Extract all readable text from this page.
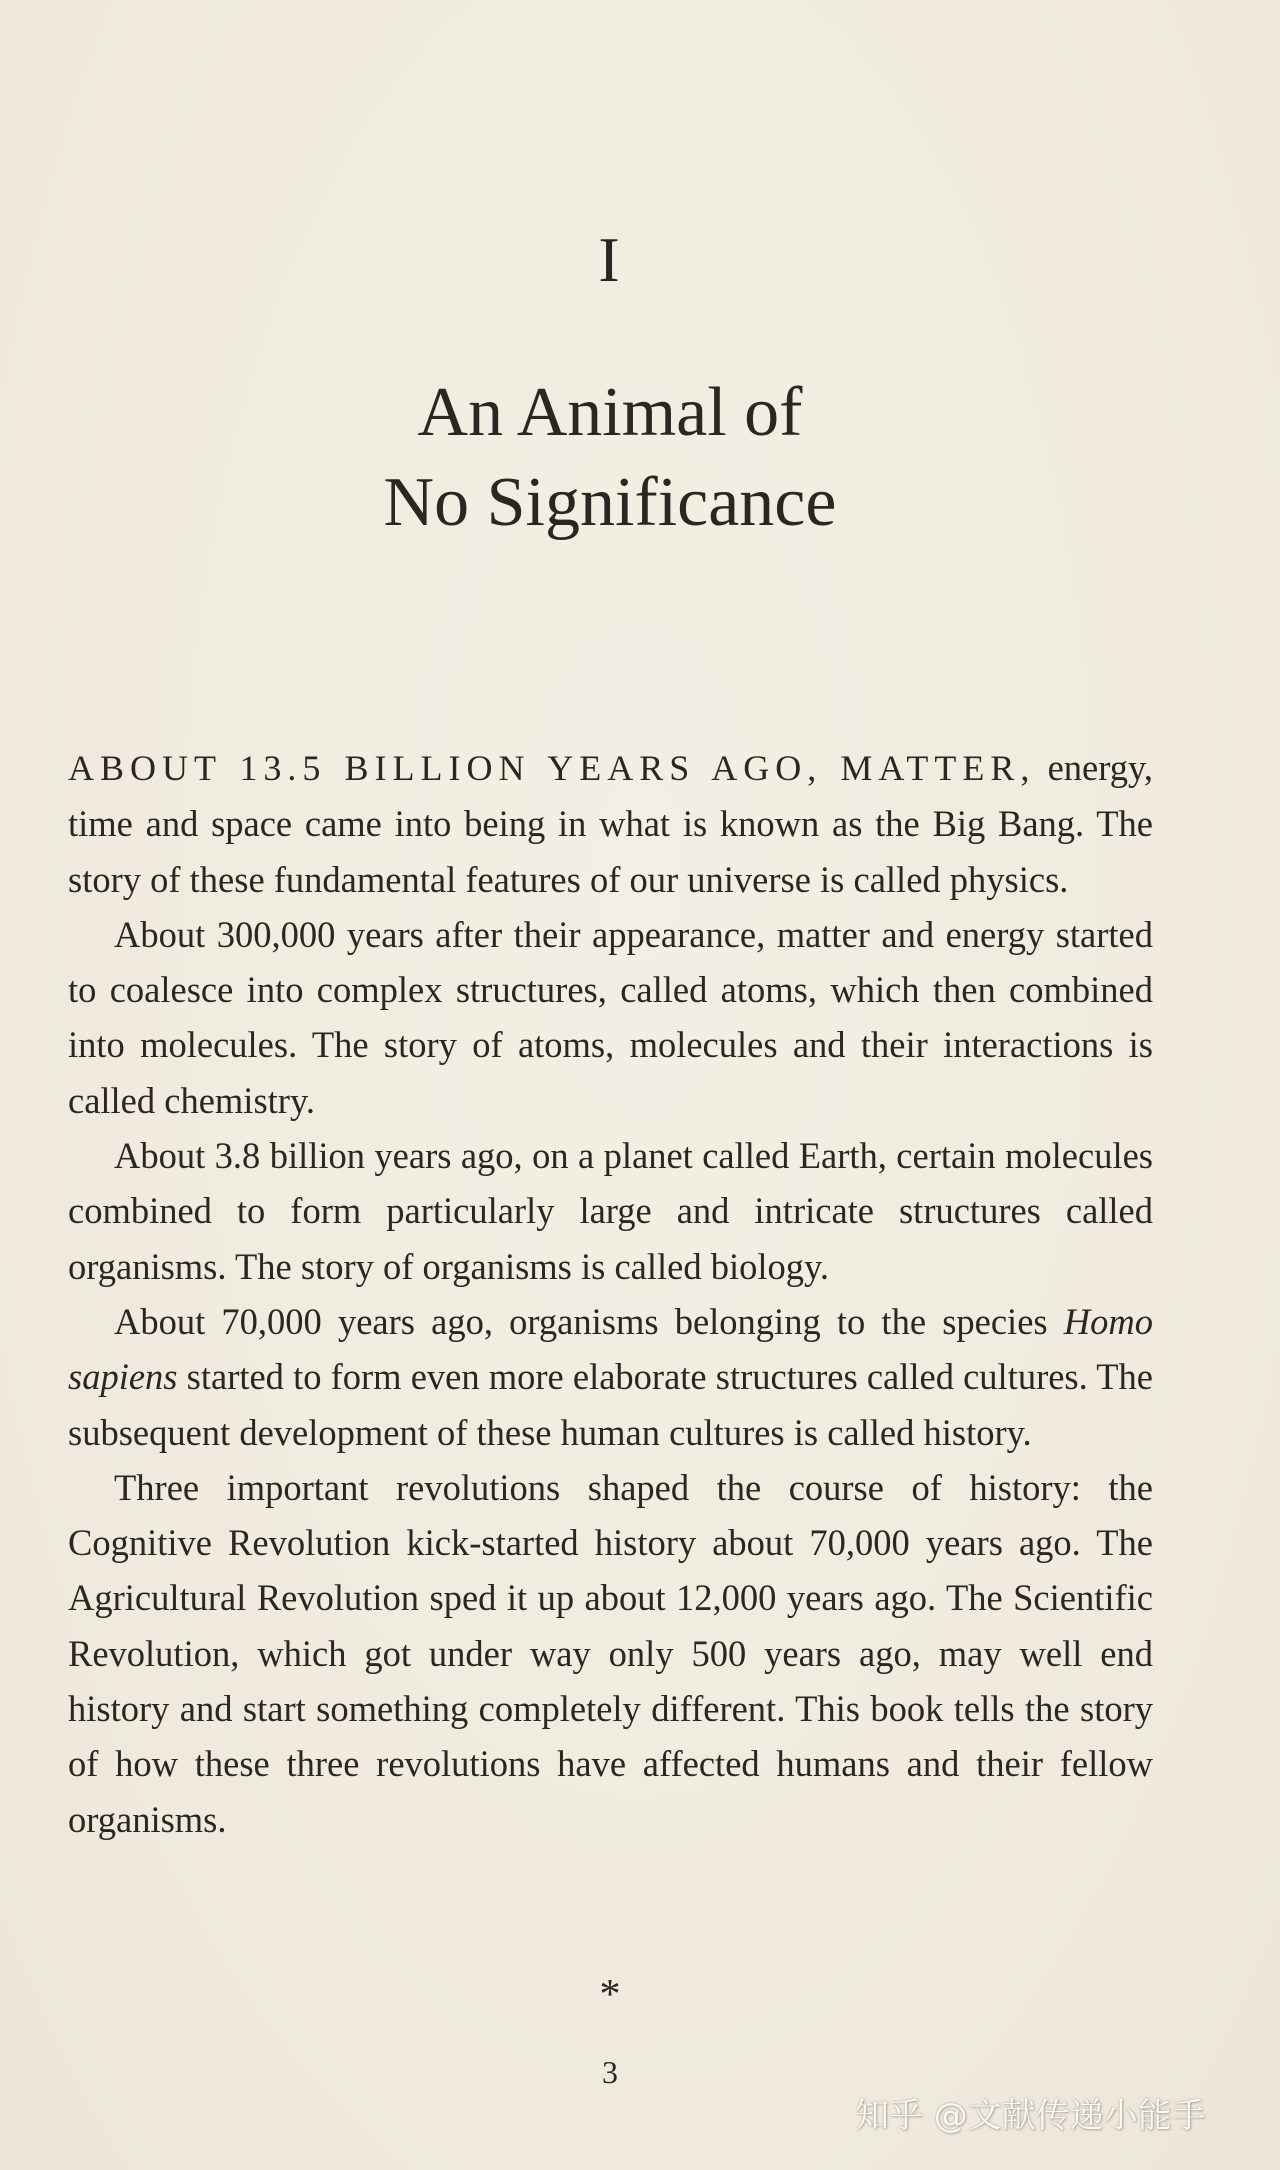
I
An Animal of
No Significance

ABOUT 13.5 BILLION YEARS AGO, MATTER, energy, time and space came into being in what is known as the Big Bang. The story of these fundamental features of our universe is called physics.

About 300,000 years after their appearance, matter and energy started to coalesce into complex structures, called atoms, which then combined into molecules. The story of atoms, molecules and their interactions is called chemistry.

About 3.8 billion years ago, on a planet called Earth, certain molecules combined to form particularly large and intricate structures called organisms. The story of organisms is called biology.

About 70,000 years ago, organisms belonging to the species Homo sapiens started to form even more elaborate structures called cultures. The subsequent development of these human cultures is called history.

Three important revolutions shaped the course of history: the Cognitive Revolution kick-started history about 70,000 years ago. The Agricultural Revolution sped it up about 12,000 years ago. The Scientific Revolution, which got under way only 500 years ago, may well end history and start something completely different. This book tells the story of how these three revolutions have affected humans and their fellow organisms.

*
3
知乎 @文献传递小能手
